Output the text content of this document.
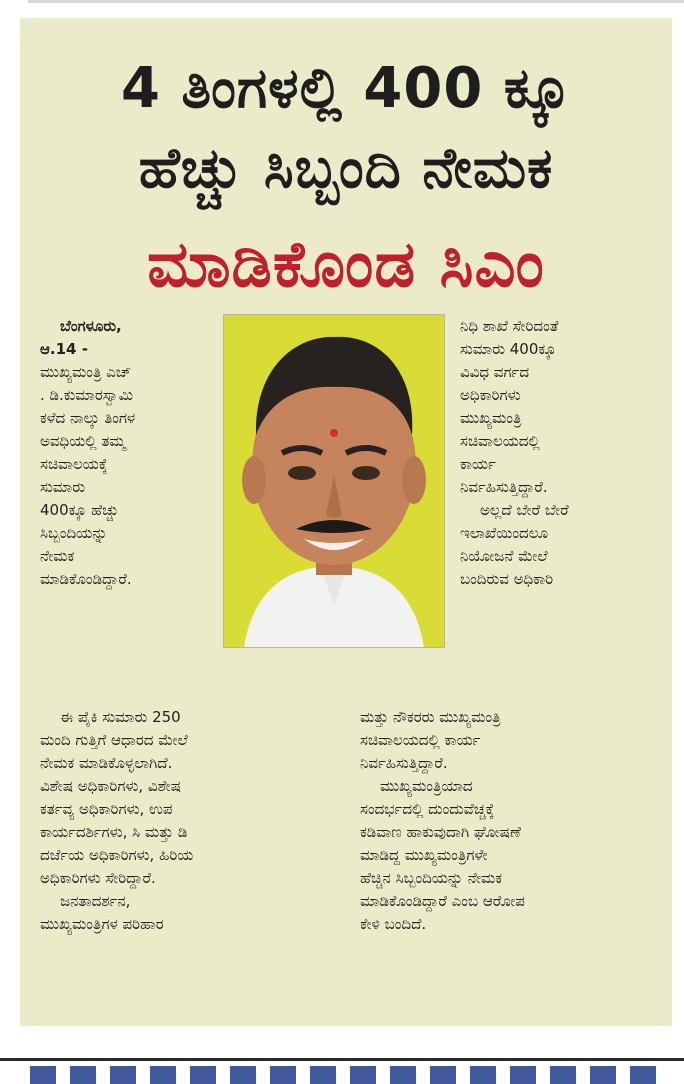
4 ತಿಂಗಳಲ್ಲಿ 400 ಕ್ಕೂ
ಹೆಚ್ಚು ಸಿಬ್ಬಂದಿ ನೇಮಕ
ಮಾಡಿಕೊಂಡ ಸಿಎಂ
ಬೆಂಗಳೂರು,
ಆ.14 -
ಮುಖ್ಯಮಂತ್ರಿ ಎಚ್
. ಡಿ.ಕುಮಾರಸ್ವಾಮಿ
ಕಳೆದ ನಾಲ್ಕು ತಿಂಗಳ
ಅವಧಿಯಲ್ಲಿ ತಮ್ಮ
ಸಚಿವಾಲಯಕ್ಕೆ
ಸುಮಾರು
400ಕ್ಕೂ ಹೆಚ್ಚು
ಸಿಬ್ಬಂದಿಯನ್ನು
ನೇಮಕ
ಮಾಡಿಕೊಂಡಿದ್ದಾರೆ.
ನಿಧಿ ಶಾಖೆ ಸೇರಿದಂತೆ
ಸುಮಾರು 400ಕ್ಕೂ
ವಿವಿಧ ವರ್ಗದ
ಅಧಿಕಾರಿಗಳು
ಮುಖ್ಯಮಂತ್ರಿ
ಸಚಿವಾಲಯದಲ್ಲಿ
ಕಾರ್ಯ
ನಿರ್ವಹಿಸುತ್ತಿದ್ದಾರೆ.
ಅಲ್ಲದೆ ಬೇರೆ ಬೇರೆ
ಇಲಾಖೆಯಿಂದಲೂ
ನಿಯೋಜನೆ ಮೇಲೆ
ಬಂದಿರುವ ಅಧಿಕಾರಿ
ಈ ಪೈಕಿ ಸುಮಾರು 250
ಮಂದಿ ಗುತ್ತಿಗೆ ಆಧಾರದ ಮೇಲೆ
ನೇಮಕ ಮಾಡಿಕೊಳ್ಳಲಾಗಿದೆ.
ವಿಶೇಷ ಅಧಿಕಾರಿಗಳು, ವಿಶೇಷ
ಕರ್ತವ್ಯ ಅಧಿಕಾರಿಗಳು, ಉಪ
ಕಾರ್ಯದರ್ಶಿಗಳು, ಸಿ ಮತ್ತು ಡಿ
ದರ್ಜೆಯ ಅಧಿಕಾರಿಗಳು, ಹಿರಿಯ
ಅಧಿಕಾರಿಗಳು ಸೇರಿದ್ದಾರೆ.
ಜನತಾದರ್ಶನ,
ಮುಖ್ಯಮಂತ್ರಿಗಳ ಪರಿಹಾರ
ಮತ್ತು ನೌಕರರು ಮುಖ್ಯಮಂತ್ರಿ
ಸಚಿವಾಲಯದಲ್ಲಿ ಕಾರ್ಯ
ನಿರ್ವಹಿಸುತ್ತಿದ್ದಾರೆ.
ಮುಖ್ಯಮಂತ್ರಿಯಾದ
ಸಂದರ್ಭದಲ್ಲಿ ದುಂದುವೆಚ್ಚಕ್ಕೆ
ಕಡಿವಾಣ ಹಾಕುವುದಾಗಿ ಘೋಷಣೆ
ಮಾಡಿದ್ದ ಮುಖ್ಯಮಂತ್ರಿಗಳೇ
ಹೆಚ್ಚಿನ ಸಿಬ್ಬಂದಿಯನ್ನು ನೇಮಕ
ಮಾಡಿಕೊಂಡಿದ್ದಾರೆ ಎಂಬ ಆರೋಪ
ಕೇಳಿ ಬಂದಿದೆ.
